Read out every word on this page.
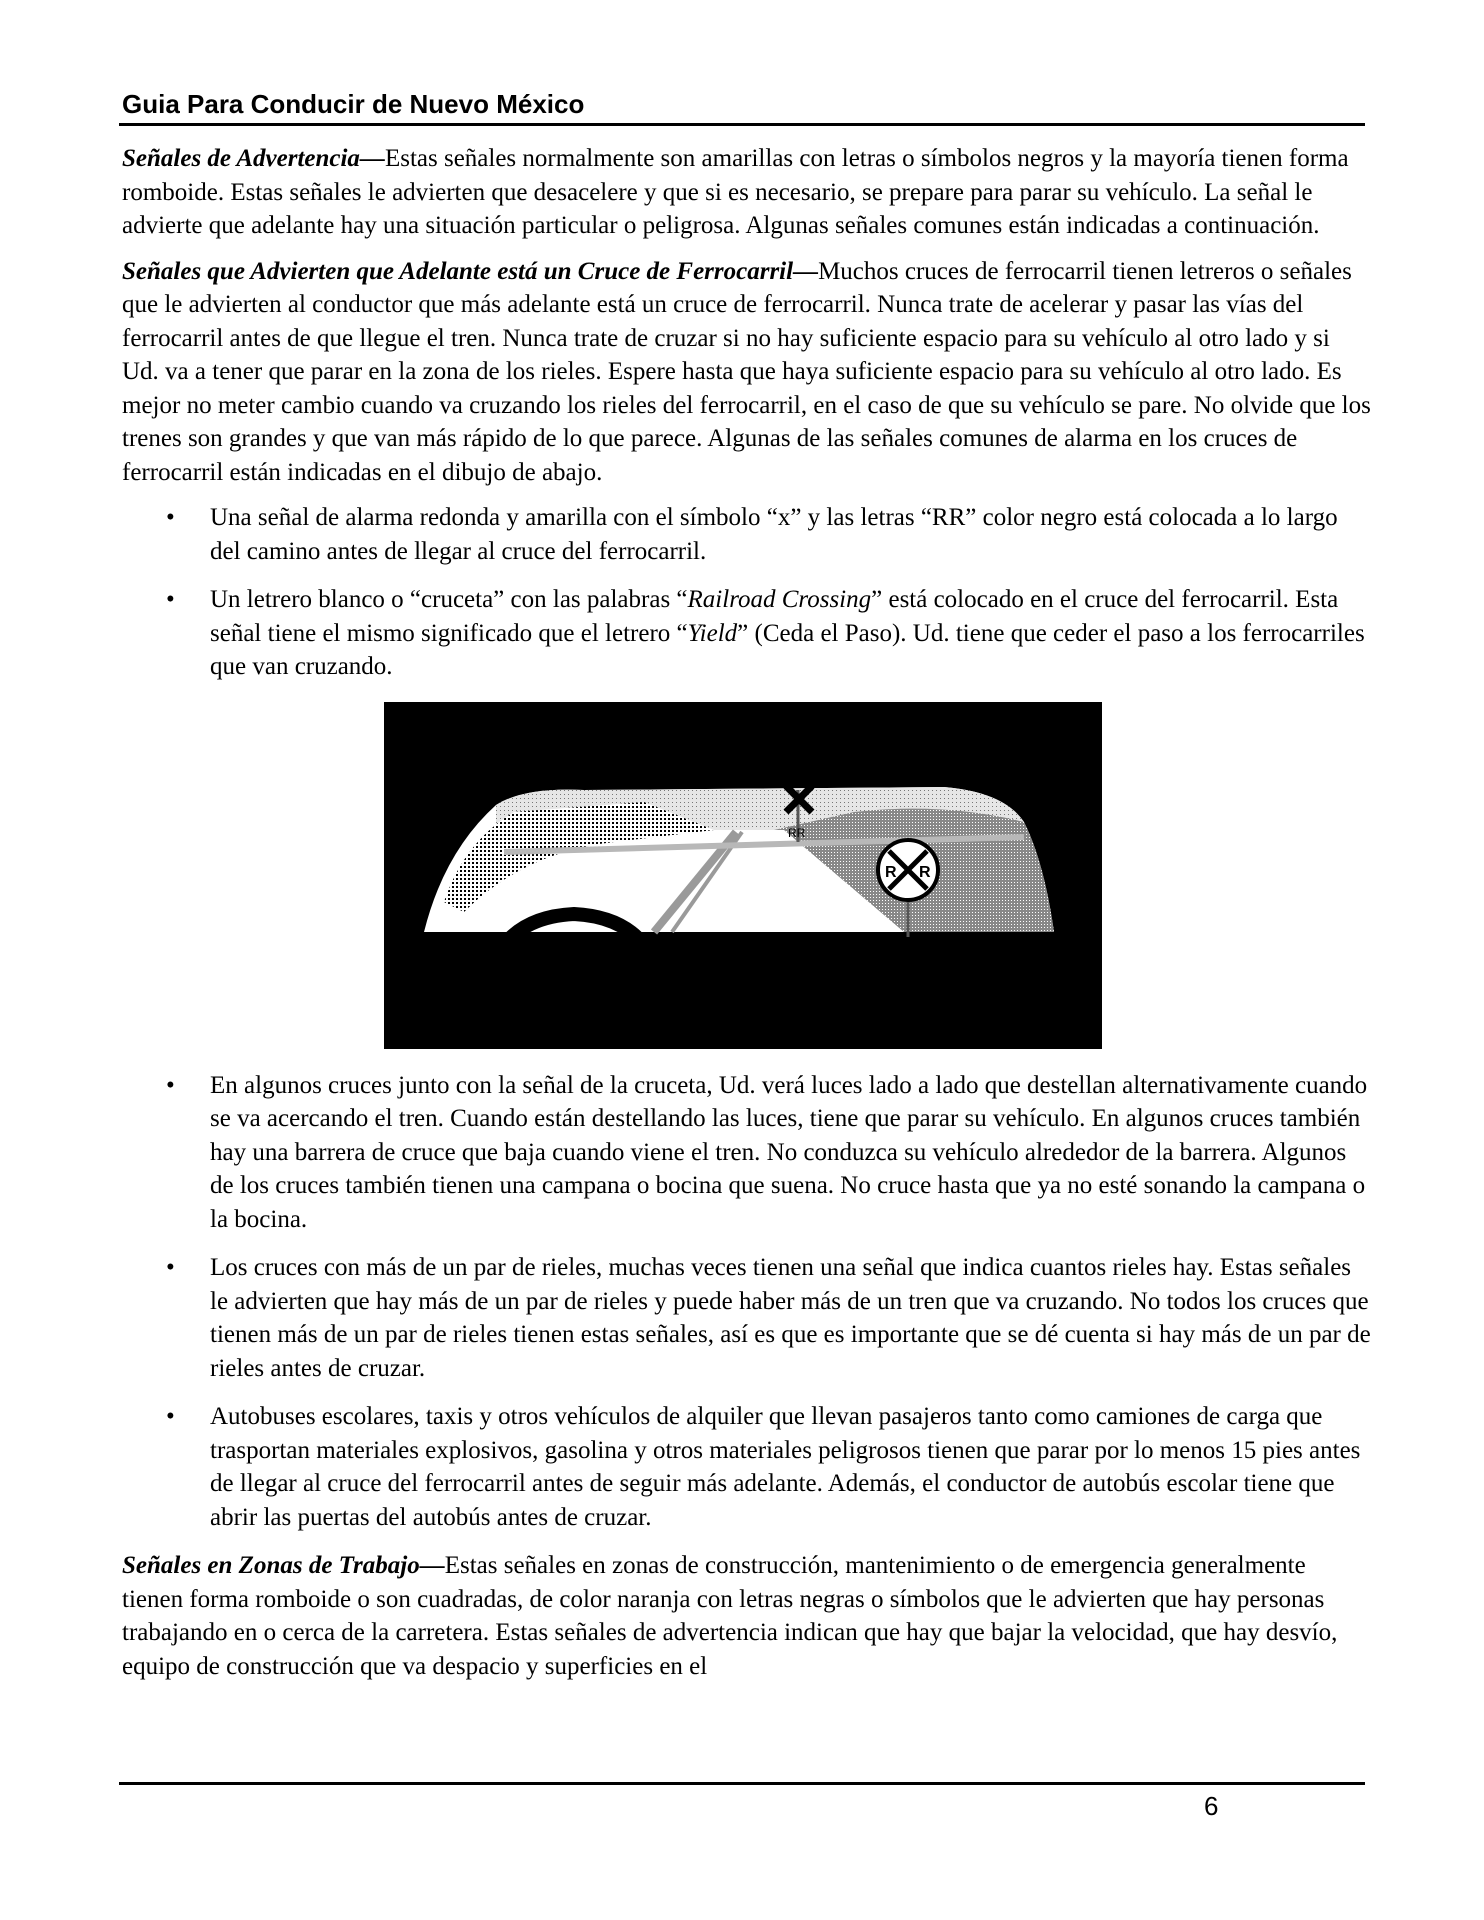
Guia Para Conducir de Nuevo México

Señales de Advertencia—Estas señales normalmente son amarillas con letras o símbolos negros y la mayoría tienen forma romboide. Estas señales le advierten que desacelere y que si es necesario, se prepare para parar su vehículo. La señal le advierte que adelante hay una situación particular o peligrosa. Algunas señales comunes están indicadas a continuación.

Señales que Advierten que Adelante está un Cruce de Ferrocarril—Muchos cruces de ferrocarril tienen letreros o señales que le advierten al conductor que más adelante está un cruce de ferrocarril. Nunca trate de acelerar y pasar las vías del ferrocarril antes de que llegue el tren. Nunca trate de cruzar si no hay suficiente espacio para su vehículo al otro lado y si Ud. va a tener que parar en la zona de los rieles. Espere hasta que haya suficiente espacio para su vehículo al otro lado. Es mejor no meter cambio cuando va cruzando los rieles del ferrocarril, en el caso de que su vehículo se pare. No olvide que los trenes son grandes y que van más rápido de lo que parece. Algunas de las señales comunes de alarma en los cruces de ferrocarril están indicadas en el dibujo de abajo.

• Una señal de alarma redonda y amarilla con el símbolo “x” y las letras “RR” color negro está colocada a lo largo del camino antes de llegar al cruce del ferrocarril.
• Un letrero blanco o “cruceta” con las palabras “Railroad Crossing” está colocado en el cruce del ferrocarril. Esta señal tiene el mismo significado que el letrero “Yield” (Ceda el Paso). Ud. tiene que ceder el paso a los ferrocarriles que van cruzando.
RR
R R
• En algunos cruces junto con la señal de la cruceta, Ud. verá luces lado a lado que destellan alternativamente cuando se va acercando el tren. Cuando están destellando las luces, tiene que parar su vehículo. En algunos cruces también hay una barrera de cruce que baja cuando viene el tren. No conduzca su vehículo alrededor de la barrera. Algunos de los cruces también tienen una campana o bocina que suena. No cruce hasta que ya no esté sonando la campana o la bocina.
• Los cruces con más de un par de rieles, muchas veces tienen una señal que indica cuantos rieles hay. Estas señales le advierten que hay más de un par de rieles y puede haber más de un tren que va cruzando. No todos los cruces que tienen más de un par de rieles tienen estas señales, así es que es importante que se dé cuenta si hay más de un par de rieles antes de cruzar.
• Autobuses escolares, taxis y otros vehículos de alquiler que llevan pasajeros tanto como camiones de carga que trasportan materiales explosivos, gasolina y otros materiales peligrosos tienen que parar por lo menos 15 pies antes de llegar al cruce del ferrocarril antes de seguir más adelante. Además, el conductor de autobús escolar tiene que abrir las puertas del autobús antes de cruzar.

Señales en Zonas de Trabajo—Estas señales en zonas de construcción, mantenimiento o de emergencia generalmente tienen forma romboide o son cuadradas, de color naranja con letras negras o símbolos que le advierten que hay personas trabajando en o cerca de la carretera. Estas señales de advertencia indican que hay que bajar la velocidad, que hay desvío, equipo de construcción que va despacio y superficies en el

6
